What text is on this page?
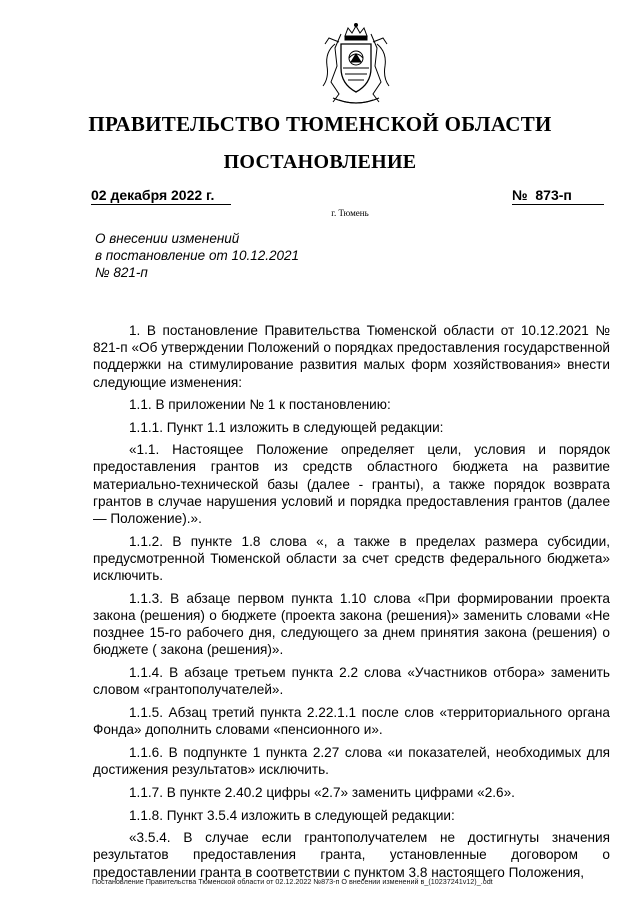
ПРАВИТЕЛЬСТВО ТЮМЕНСКОЙ ОБЛАСТИ
ПОСТАНОВЛЕНИЕ
02 декабря 2022 г.	№ 873-п
г. Тюмень
О внесении изменений
в постановление от 10.12.2021
№ 821-п

1. В постановление Правительства Тюменской области от 10.12.2021 № 821-п «Об утверждении Положений о порядках предоставления государственной поддержки на стимулирование развития малых форм хозяйствования» внести следующие изменения:

1.1. В приложении № 1 к постановлению:

1.1.1. Пункт 1.1 изложить в следующей редакции:

«1.1. Настоящее Положение определяет цели, условия и порядок предоставления грантов из средств областного бюджета на развитие материально-технической базы (далее - гранты), а также порядок возврата грантов в случае нарушения условий и порядка предоставления грантов (далее — Положение).».

1.1.2. В пункте 1.8 слова «, а также в пределах размера субсидии, предусмотренной Тюменской области за счет средств федерального бюджета» исключить.

1.1.3. В абзаце первом пункта 1.10 слова «При формировании проекта закона (решения) о бюджете (проекта закона (решения)» заменить словами «Не позднее 15-го рабочего дня, следующего за днем принятия закона (решения) о бюджете ( закона (решения)».

1.1.4. В абзаце третьем пункта 2.2 слова «Участников отбора» заменить словом «грантополучателей».

1.1.5. Абзац третий пункта 2.22.1.1 после слов «территориального органа Фонда» дополнить словами «пенсионного и».

1.1.6. В подпункте 1 пункта 2.27 слова «и показателей, необходимых для достижения результатов» исключить.

1.1.7. В пункте 2.40.2 цифры «2.7» заменить цифрами «2.6».

1.1.8. Пункт 3.5.4 изложить в следующей редакции:

«3.5.4. В случае если грантополучателем не достигнуты значения результатов предоставления гранта, установленные договором о предоставлении гранта в соответствии с пунктом 3.8 настоящего Положения,

Постановление Правительства Тюменской области от 02.12.2022 №873-п О внесении изменений в_(10237241v12)_.odt
